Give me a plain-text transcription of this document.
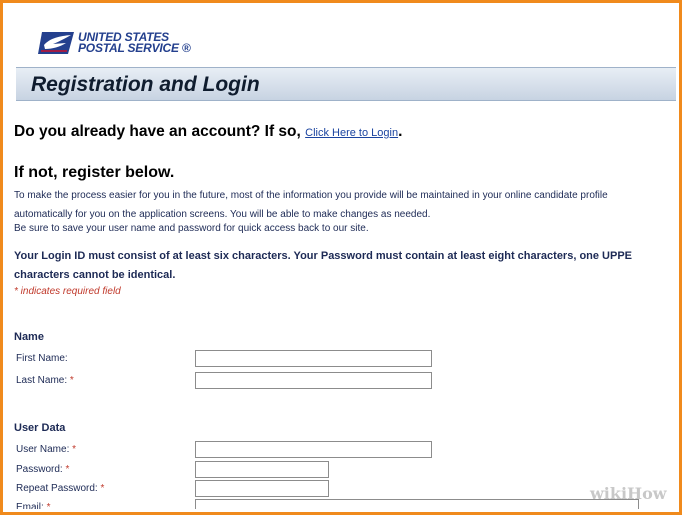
UNITED STATES
POSTAL SERVICE ®
Registration and Login
Do you already have an account? If so, Click Here to Login.
If not, register below.
To make the process easier for you in the future, most of the information you provide will be maintained in your online candidate profile
automatically for you on the application screens. You will be able to make changes as needed.
Be sure to save your user name and password for quick access back to our site.
Your Login ID must consist of at least six characters. Your Password must contain at least eight characters, one UPPE
characters cannot be identical.
* indicates required field
Name
First Name:
Last Name: *
User Data
User Name: *
Password: *
Repeat Password: *
Email: *
wikiHow
